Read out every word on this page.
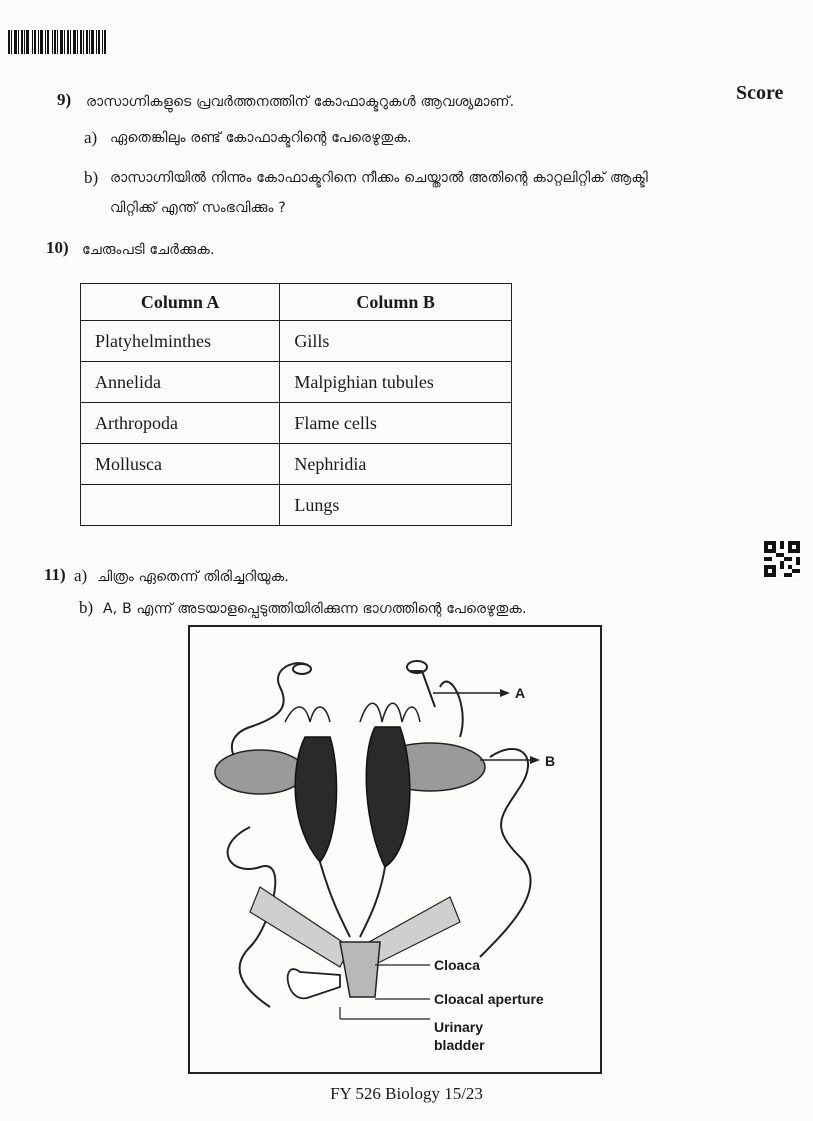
Score
9) രാസാഗ്നികളുടെ പ്രവർത്തനത്തിന് കോഫാക്ടറുകൾ ആവശ്യമാണ്.
a) ഏതെങ്കിലും രണ്ട് കോഫാക്ടറിന്റെ പേരെഴുതുക.
b) രാസാഗ്നിയിൽ നിന്നും കോഫാക്ടറിനെ നീക്കം ചെയ്താൽ അതിന്റെ കാറ്റലിറ്റിക് ആക്ടി
വിറ്റിക്ക് എന്ത് സംഭവിക്കും ?
10) ചേരുംപടി ചേർക്കുക.
Column A	Column B
Platyhelminthes	Gills
Annelida	Malpighian tubules
Arthropoda	Flame cells
Mollusca	Nephridia
	Lungs
11) a) ചിത്രം ഏതെന്ന് തിരിച്ചറിയുക.
b) A, B എന്ന് അടയാളപ്പെടുത്തിയിരിക്കുന്ന ഭാഗത്തിന്റെ പേരെഴുതുക.
A
B
Cloaca
Cloacal aperture
Urinary
bladder
FY 526 Biology 15/23
